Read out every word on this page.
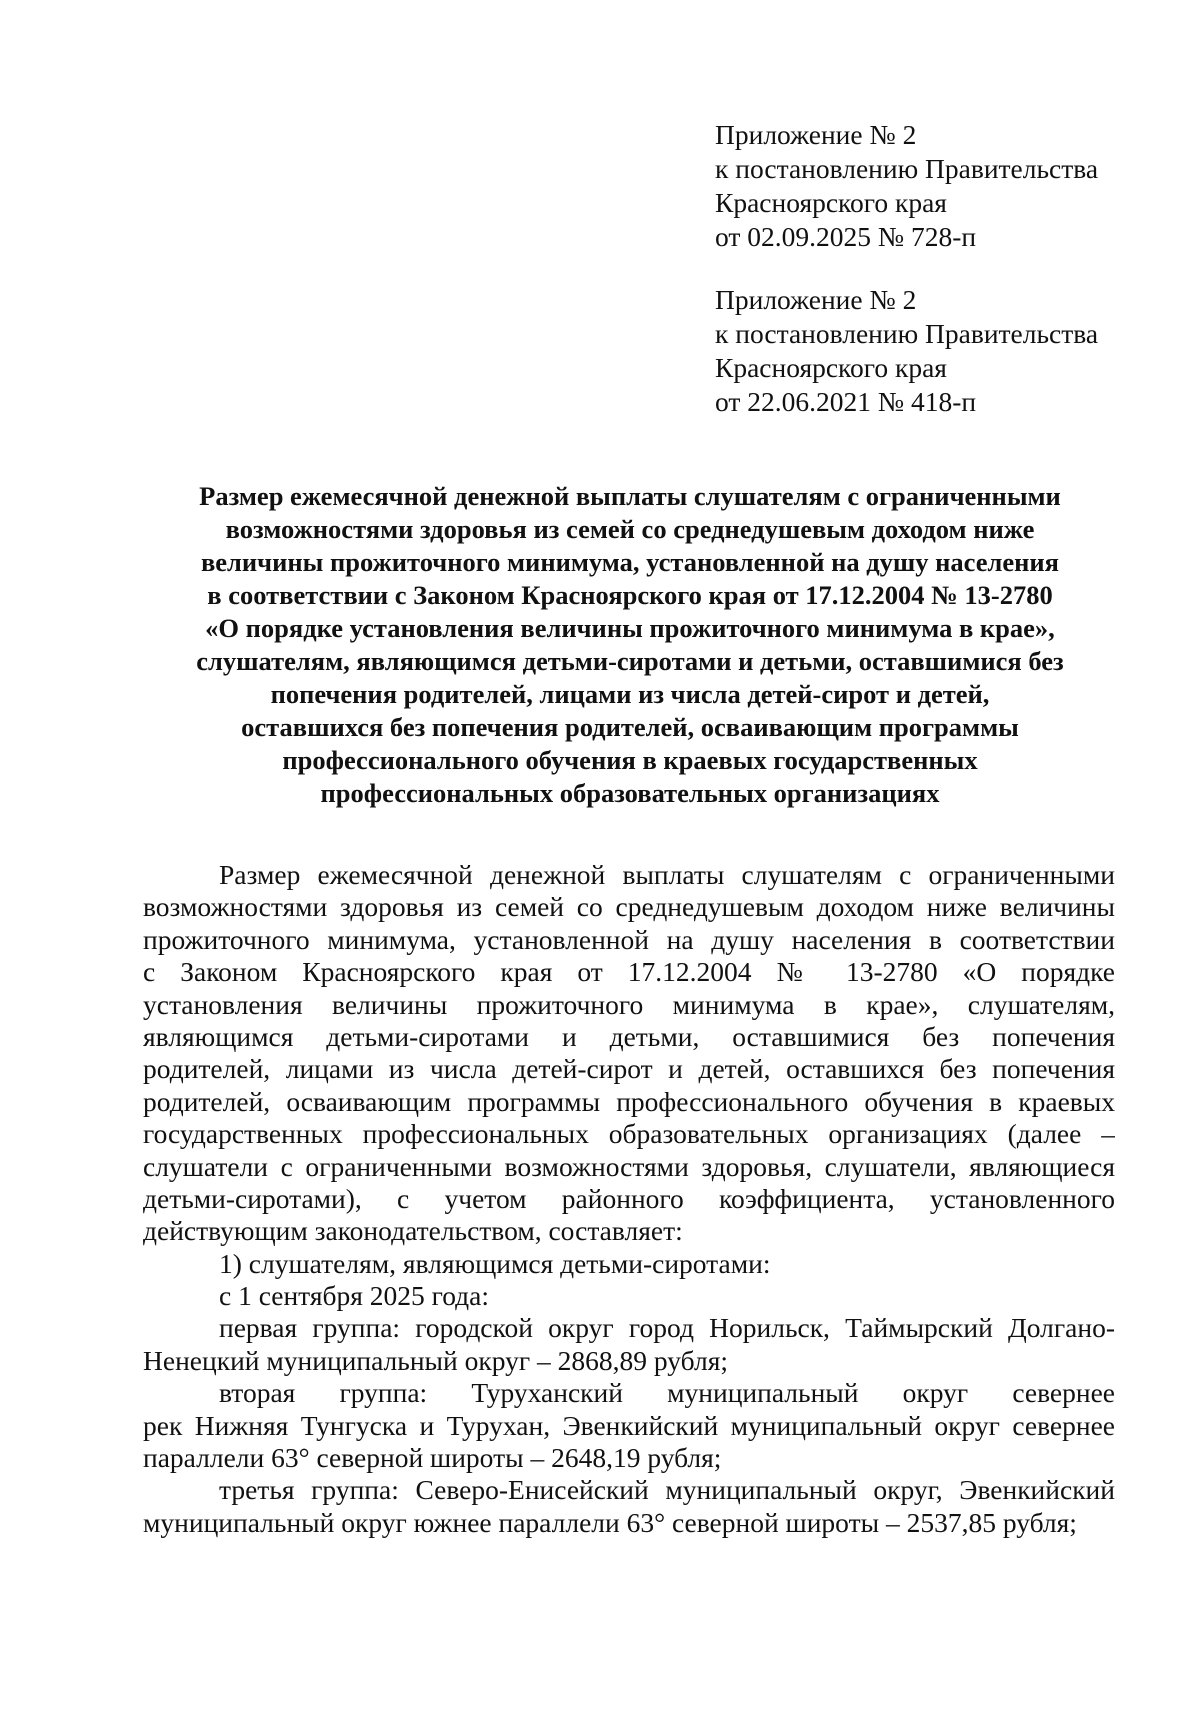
Приложение № 2
к постановлению Правительства
Красноярского края
от 02.09.2025 № 728-п
Приложение № 2
к постановлению Правительства
Красноярского края
от 22.06.2021 № 418-п
Размер ежемесячной денежной выплаты слушателям с ограниченными
возможностями здоровья из семей со среднедушевым доходом ниже
величины прожиточного минимума, установленной на душу населения
в соответствии с Законом Красноярского края от 17.12.2004 № 13-2780
«О порядке установления величины прожиточного минимума в крае»,
слушателям, являющимся детьми-сиротами и детьми, оставшимися без
попечения родителей, лицами из числа детей-сирот и детей,
оставшихся без попечения родителей, осваивающим программы
профессионального обучения в краевых государственных
профессиональных образовательных организациях
Размер ежемесячной денежной выплаты слушателям с ограниченными
возможностями здоровья из семей со среднедушевым доходом ниже величины
прожиточного минимума, установленной на душу населения в соответствии
с Законом Красноярского края от 17.12.2004 № 13-2780 «О порядке
установления величины прожиточного минимума в крае», слушателям,
являющимся детьми-сиротами и детьми, оставшимися без попечения
родителей, лицами из числа детей-сирот и детей, оставшихся без попечения
родителей, осваивающим программы профессионального обучения в краевых
государственных профессиональных образовательных организациях (далее –
слушатели с ограниченными возможностями здоровья, слушатели, являющиеся
детьми-сиротами), с учетом районного коэффициента, установленного
действующим законодательством, составляет:
1) слушателям, являющимся детьми-сиротами:
с 1 сентября 2025 года:
первая группа: городской округ город Норильск, Таймырский Долгано-
Ненецкий муниципальный округ – 2868,89 рубля;
вторая группа: Туруханский муниципальный округ севернее
рек Нижняя Тунгуска и Турухан, Эвенкийский муниципальный округ севернее
параллели 63° северной широты – 2648,19 рубля;
третья группа: Северо-Енисейский муниципальный округ, Эвенкийский
муниципальный округ южнее параллели 63° северной широты – 2537,85 рубля;
